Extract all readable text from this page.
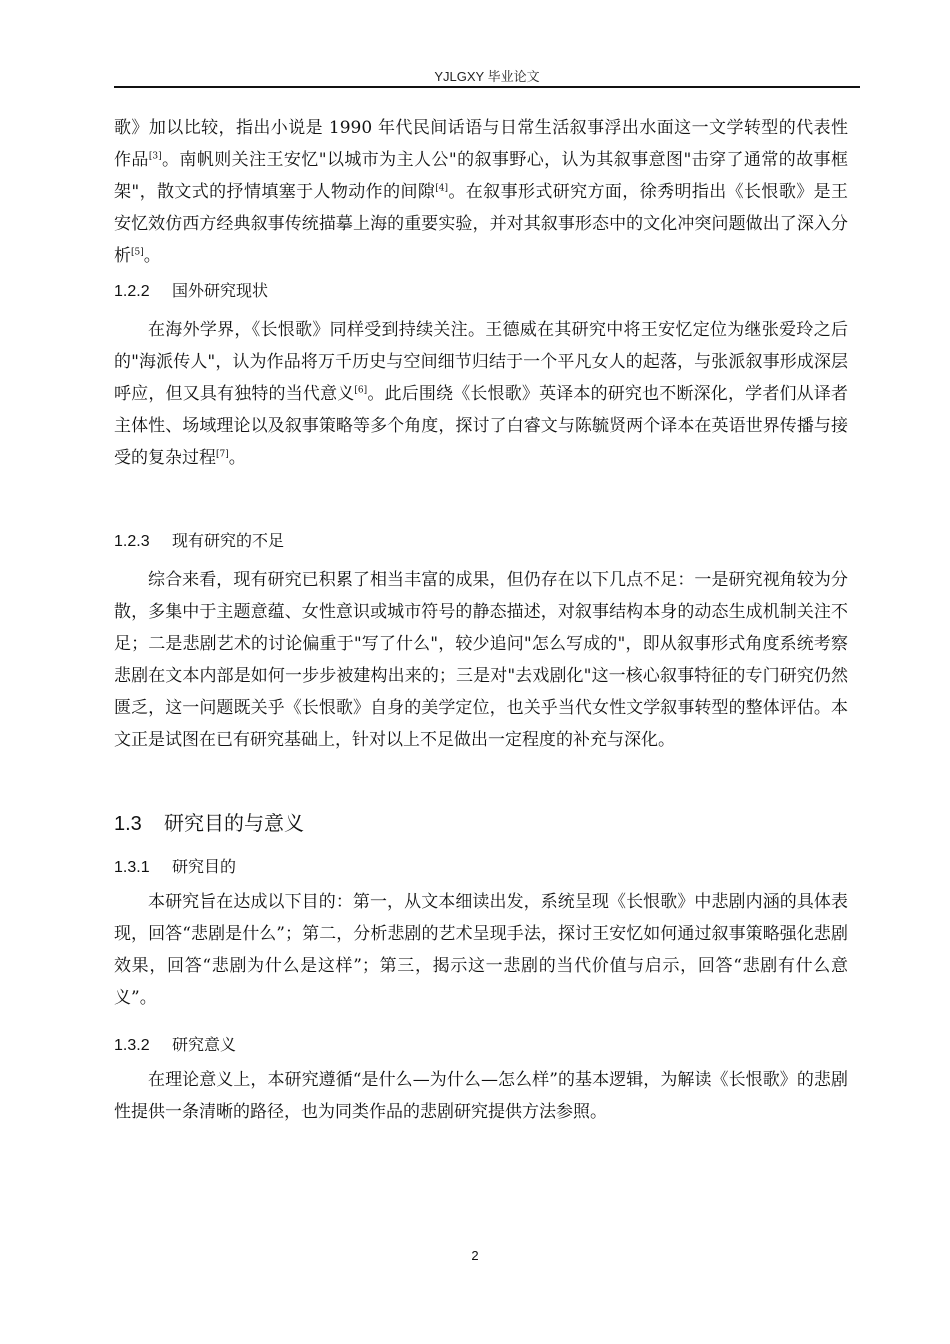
YJLGXY 毕业论文

歌》加以比较，指出小说是 1990 年代民间话语与日常生活叙事浮出水面这一文学转型的代表性作品[3]。南帆则关注王安忆"以城市为主人公"的叙事野心，认为其叙事意图"击穿了通常的故事框架"，散文式的抒情填塞于人物动作的间隙[4]。在叙事形式研究方面，徐秀明指出《长恨歌》是王安忆效仿西方经典叙事传统描摹上海的重要实验，并对其叙事形态中的文化冲突问题做出了深入分析[5]。

1.2.2 国外研究现状

在海外学界，《长恨歌》同样受到持续关注。王德威在其研究中将王安忆定位为继张爱玲之后的"海派传人"，认为作品将万千历史与空间细节归结于一个平凡女人的起落，与张派叙事形成深层呼应，但又具有独特的当代意义[6]。此后围绕《长恨歌》英译本的研究也不断深化，学者们从译者主体性、场域理论以及叙事策略等多个角度，探讨了白睿文与陈毓贤两个译本在英语世界传播与接受的复杂过程[7]。

1.2.3 现有研究的不足

综合来看，现有研究已积累了相当丰富的成果，但仍存在以下几点不足：一是研究视角较为分散，多集中于主题意蕴、女性意识或城市符号的静态描述，对叙事结构本身的动态生成机制关注不足；二是悲剧艺术的讨论偏重于"写了什么"，较少追问"怎么写成的"，即从叙事形式角度系统考察悲剧在文本内部是如何一步步被建构出来的；三是对"去戏剧化"这一核心叙事特征的专门研究仍然匮乏，这一问题既关乎《长恨歌》自身的美学定位，也关乎当代女性文学叙事转型的整体评估。本文正是试图在已有研究基础上，针对以上不足做出一定程度的补充与深化。

1.3 研究目的与意义
1.3.1 研究目的

本研究旨在达成以下目的：第一，从文本细读出发，系统呈现《长恨歌》中悲剧内涵的具体表现，回答“悲剧是什么”；第二，分析悲剧的艺术呈现手法，探讨王安忆如何通过叙事策略强化悲剧效果，回答“悲剧为什么是这样”；第三，揭示这一悲剧的当代价值与启示，回答“悲剧有什么意义”。

1.3.2 研究意义

在理论意义上，本研究遵循“是什么—为什么—怎么样”的基本逻辑，为解读《长恨歌》的悲剧性提供一条清晰的路径，也为同类作品的悲剧研究提供方法参照。

2
